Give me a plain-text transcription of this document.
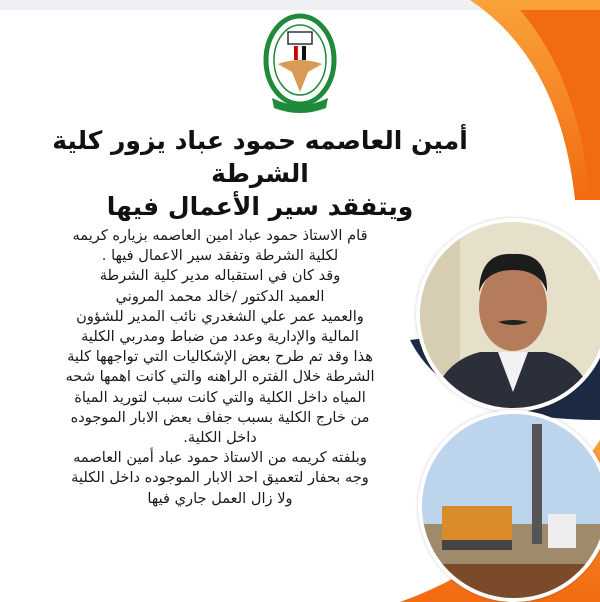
أمين العاصمه حمود عباد يزور كلية الشرطة
ويتفقد سير الأعمال فيها

قام الاستاذ حمود عباد امين العاصمه بزياره كريمه

لكلية الشرطة وتفقد سير الاعمال فيها .

وقد كان في استقباله مدير كلية الشرطة

العميد الدكتور /خالد محمد المروني

والعميد عمر علي الشغدري نائب المدير للشؤون

المالية والإدارية وعدد من ضباط ومدربي الكلية

هذا وقد تم طرح بعض الإشكاليات التي تواجهها كلية

الشرطة خلال الفتره الراهنه والتي كانت اهمها شحه

المياه داخل الكلية والتي كانت سبب لتوريد المياة

من خارج الكلية بسبب جفاف بعض الابار الموجوده

داخل الكلية.

وبلفته كريمه من الاستاذ حمود عباد أمين العاصمه

وجه بحفار لتعميق احد الابار الموجوده داخل الكلية

ولا زال العمل جاري فيها
